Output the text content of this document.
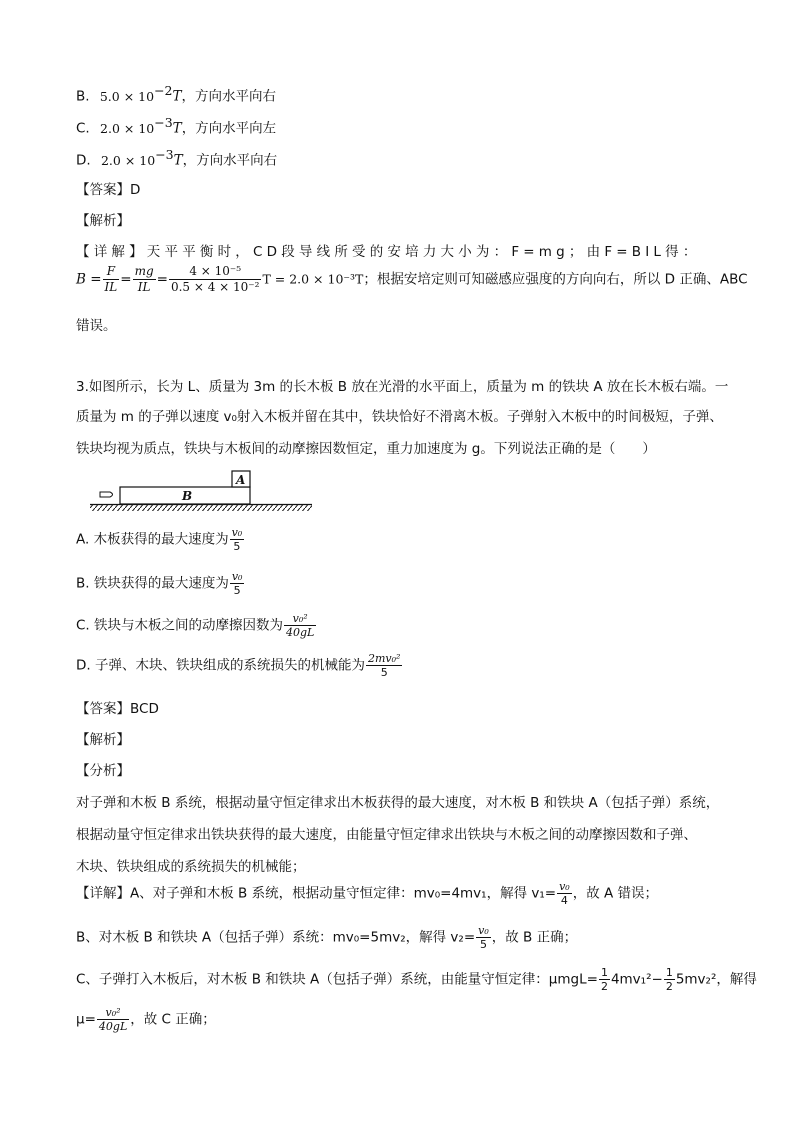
B. $5.0 \times 10^{-2}T$，方向水平向右
C. $2.0 \times 10^{-3}T$，方向水平向左
D. $2.0 \times 10^{-3}T$，方向水平向右
【答案】D
【解析】
【详解】天平平衡时，CD段导线所受的安培力大小为：F=mg；由F=BIL得：
$B = \frac{F}{IL} = \frac{mg}{IL} = \frac{\text{4 × 10⁻⁵}}{\text{0.5 × 4 × 10⁻²}}$ T = 2.0 × 10⁻³T；根据安培定则可知磁感应强度的方向向右，所以 D 正确、ABC
错误。
3.如图所示，长为 L、质量为 3m 的长木板 B 放在光滑的水平面上，质量为 m 的铁块 A 放在长木板右端。一
质量为 m 的子弹以速度 v₀射入木板并留在其中，铁块恰好不滑离木板。子弹射入木板中的时间极短，子弹、
铁块均视为质点，铁块与木板间的动摩擦因数恒定，重力加速度为 g。下列说法正确的是（　　）
A
B
A. 木板获得的最大速度为 $\frac{\text{v₀}}{5}$
B. 铁块获得的最大速度为 $\frac{\text{v₀}}{5}$
C. 铁块与木板之间的动摩擦因数为 $\frac{\text{v₀²}}{40gL}$
D. 子弹、木块、铁块组成的系统损失的机械能为 $\frac{\text{2mv₀²}}{5}$
【答案】BCD
【解析】
【分析】
对子弹和木板 B 系统，根据动量守恒定律求出木板获得的最大速度，对木板 B 和铁块 A（包括子弹）系统，
根据动量守恒定律求出铁块获得的最大速度，由能量守恒定律求出铁块与木板之间的动摩擦因数和子弹、
木块、铁块组成的系统损失的机械能；
【详解】A、对子弹和木板 B 系统，根据动量守恒定律：mv₀=4mv₁，解得 $v_1= \frac{\text{v₀}}{4}$ ，故 A 错误；
B、对木板 B 和铁块 A（包括子弹）系统：mv₀=5mv₂，解得 $v_2= \frac{\text{v₀}}{5}$ ，故 B 正确；
C、子弹打入木板后，对木板 B 和铁块 A（包括子弹）系统，由能量守恒定律：$\mu mgL= \frac{1}{2} 4mv_1^2- \frac{1}{2} 5mv_2^2$，解得
$\mu= \frac{\text{v₀²}}{40gL}$ ，故 C 正确；
